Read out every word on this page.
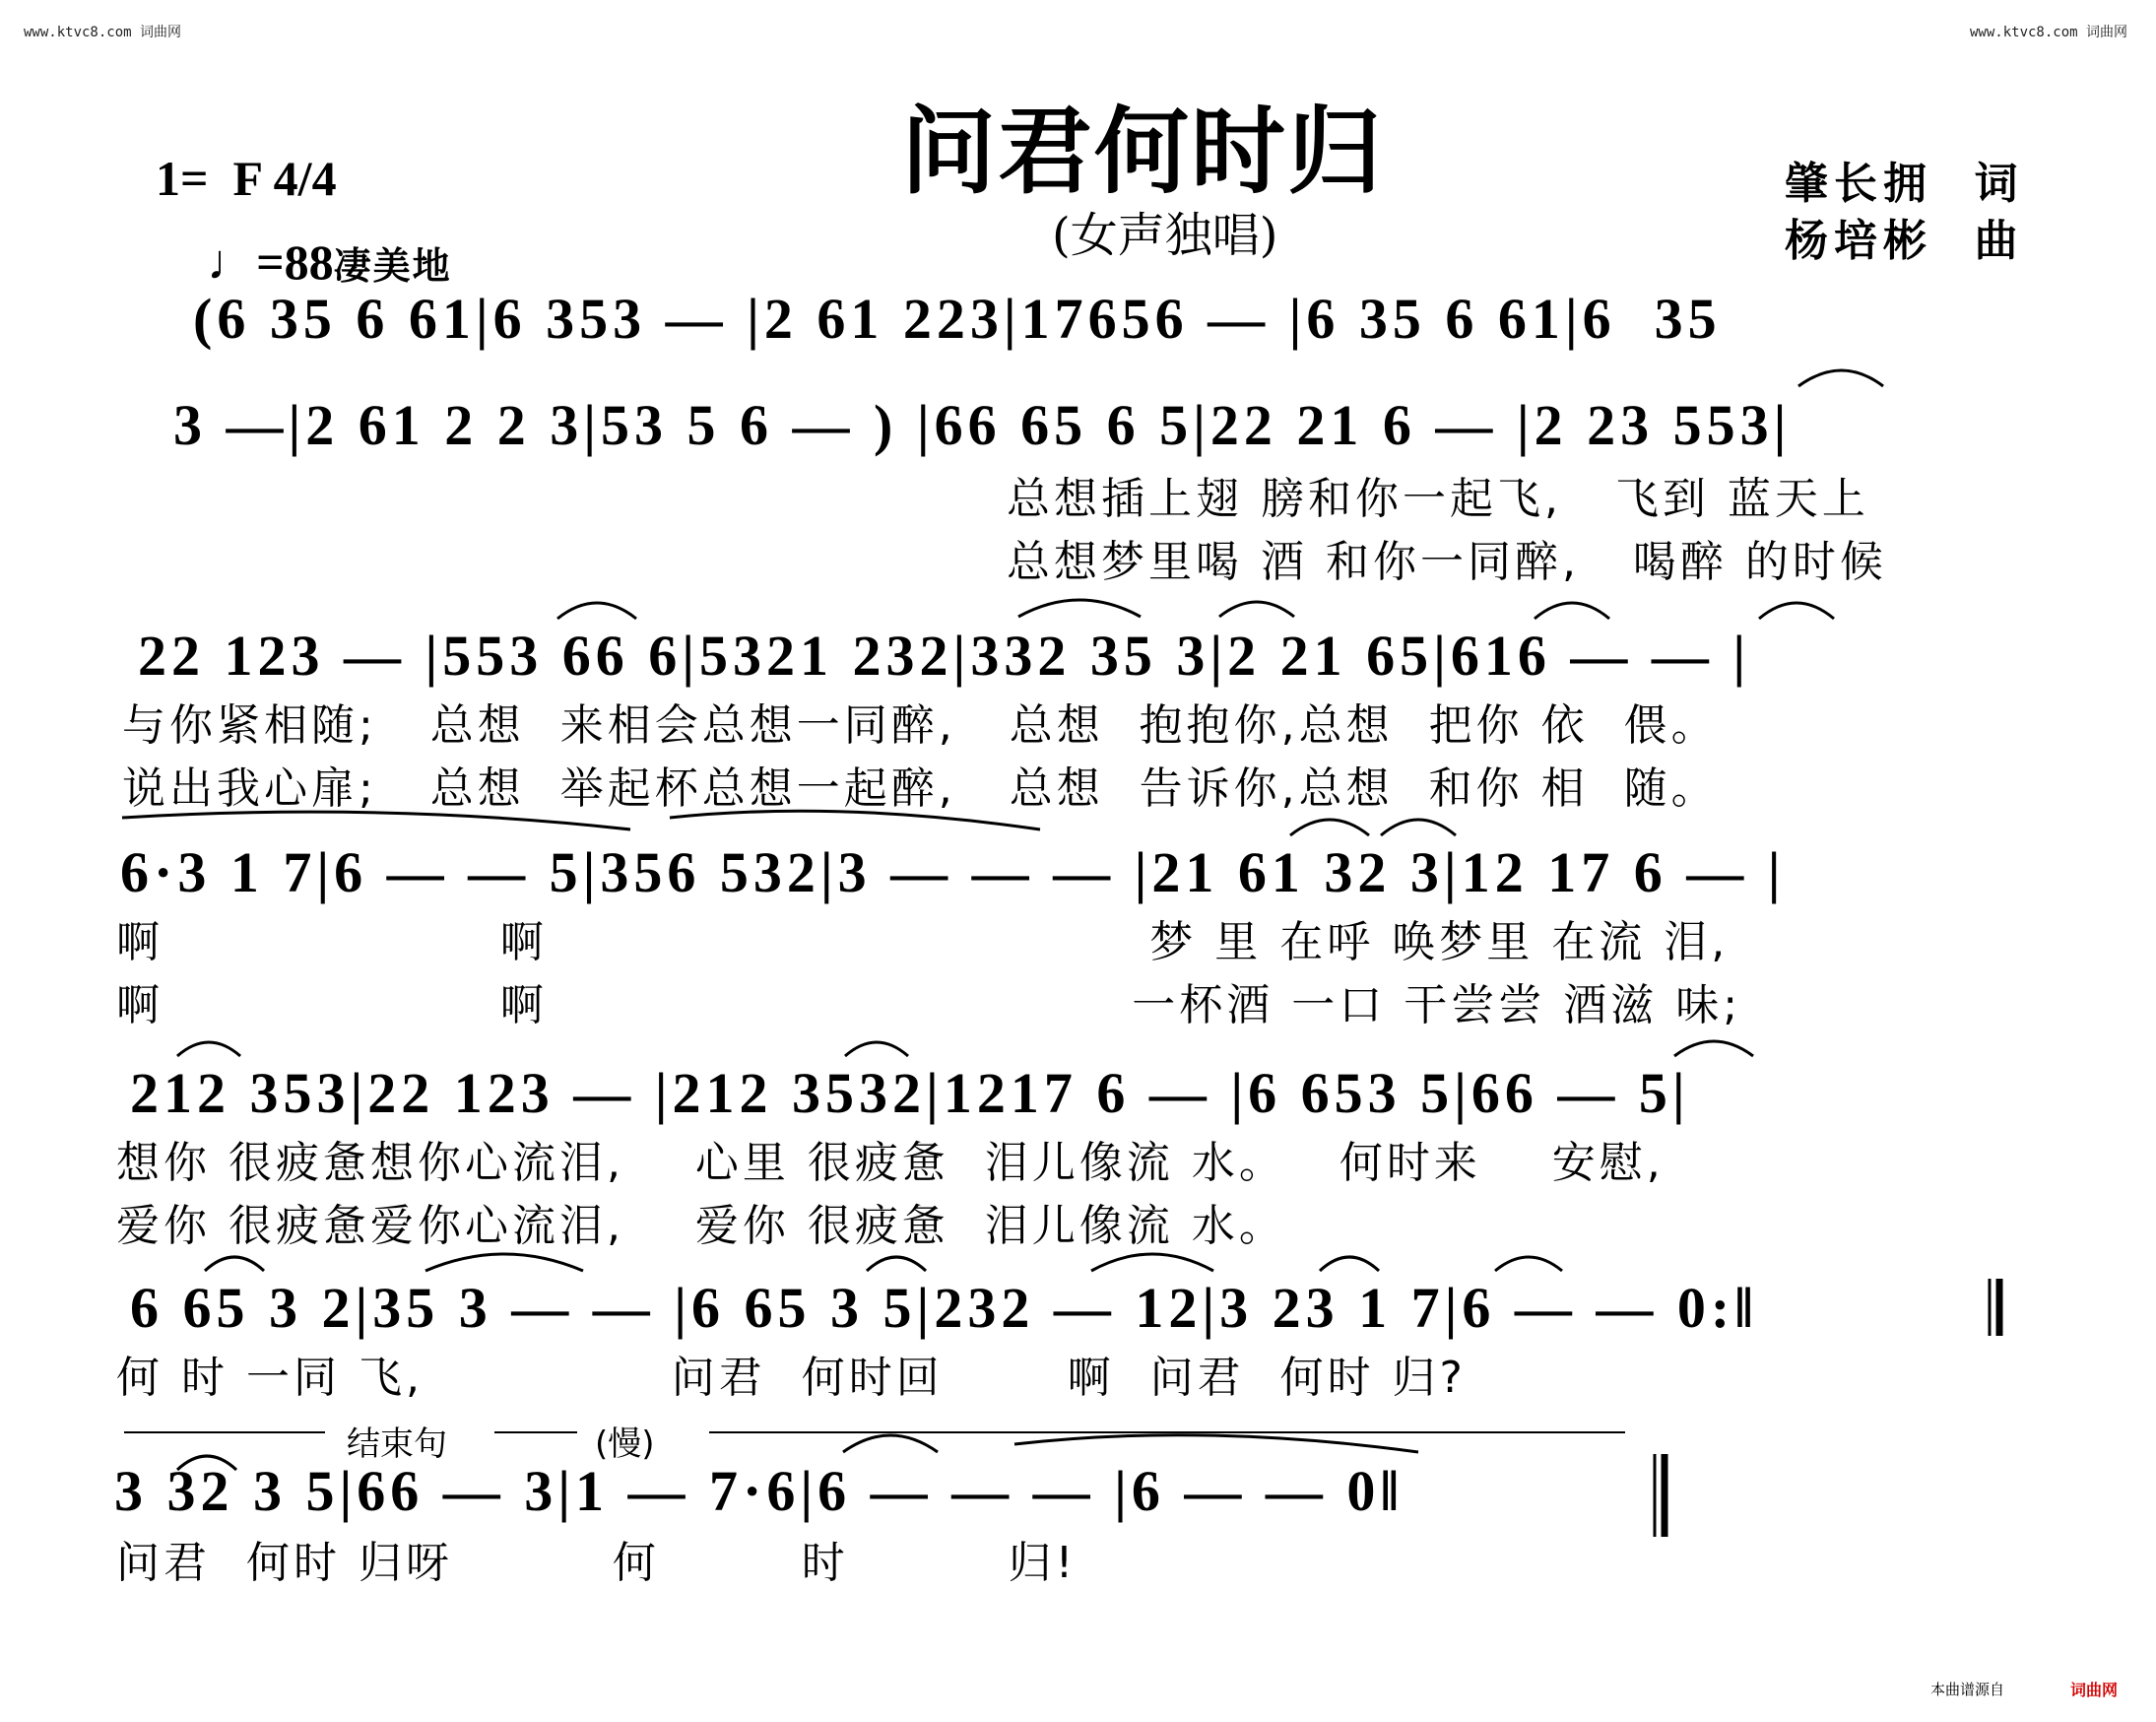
www.ktvc8.com 词曲网	www.ktvc8.com 词曲网
问君何时归
(女声独唱)
1=  F 4/4

♩=88凄美地

肇长拥  词
杨培彬  曲
(6 35 6 61|6 353 — |2 61 223|17656 — |6 35 6 61|6  35
3 —|2 61 2 2 3|53 5 6 — ) |66 65 6 5|22 21 6 — |2 23 553|
总想插上翅 膀和你一起飞,   飞到 蓝天上
总想梦里喝 酒 和你一同醉,   喝醉 的时候
22 123 — |553 66 6|5321 232|332 35 3|2 21 65|616 — — |
与你紧相随;   总想  来相会总想一同醉,   总想  抱抱你,总想  把你 依  偎。
说出我心扉;   总想  举起杯总想一起醉,   总想  告诉你,总想  和你 相  随。
6·3 1 7|6 — — 5|356 532|3 — — — |21 61 32 3|12 17 6 — |
啊                   啊                                  梦 里 在呼 唤梦里 在流 泪,
啊                   啊                                 一杯酒 一口 干尝尝 酒滋 味;
212 353|22 123 — |212 3532|1217 6 — |6 653 5|66 — 5|
想你 很疲惫想你心流泪,    心里 很疲惫  泪儿像流 水。   何时来    安慰,
爱你 很疲惫爱你心流泪,    爱你 很疲惫  泪儿像流 水。
6 65 3 2|35 3 — — |6 65 3 5|232 — 12|3 23 1 7|6 — — 0:‖
何 时 一同 飞,              问君  何时回       啊  问君  何时 归?
结束句	(慢)
3 32 3 5|66 — 3|1 — 7·6|6 — — — |6 — — 0‖
问君  何时 归呀         何        时         归!
本曲谱源自	词曲网
